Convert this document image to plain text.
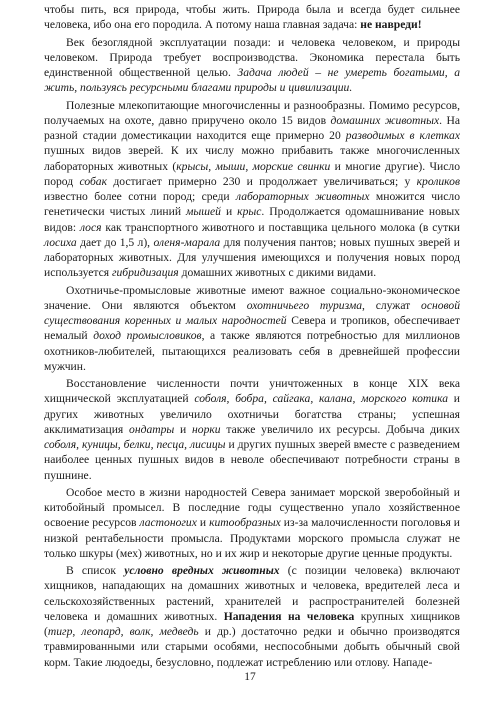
чтобы пить, вся природа, чтобы жить. Природа была и всегда будет сильнее человека, ибо она его породила. А потому наша главная задача: не навреди!

Век безоглядной эксплуатации позади: и человека человеком, и природы человеком. Природа требует воспроизводства. Экономика перестала быть единственной общественной целью. Задача людей – не умереть богатыми, а жить, пользуясь ресурсными благами природы и цивилизации.

Полезные млекопитающие многочисленны и разнообразны. Помимо ресурсов, получаемых на охоте, давно приручено около 15 видов домашних животных. На разной стадии доместикации находится еще примерно 20 разводимых в клетках пушных видов зверей. К их числу можно прибавить также многочисленных лабораторных животных (крысы, мыши, морские свинки и многие другие). Число пород собак достигает примерно 230 и продолжает увеличиваться; у кроликов известно более сотни пород; среди лабораторных животных множится число генетически чистых линий мышей и крыс. Продолжается одомашнивание новых видов: лося как транспортного животного и поставщика цельного молока (в сутки лосиха дает до 1,5 л), оленя-марала для получения пантов; новых пушных зверей и лабораторных животных. Для улучшения имеющихся и получения новых пород используется гибридизация домашних животных с дикими видами.

Охотничье-промысловые животные имеют важное социально-экономическое значение. Они являются объектом охотничьего туризма, служат основой существования коренных и малых народностей Севера и тропиков, обеспечивает немалый доход промысловиков, а также являются потребностью для миллионов охотников-любителей, пытающихся реализовать себя в древнейшей профессии мужчин.

Восстановление численности почти уничтоженных в конце XIX века хищнической эксплуатацией соболя, бобра, сайгака, калана, морского котика и других животных увеличило охотничьи богатства страны; успешная акклиматизация ондатры и норки также увеличило их ресурсы. Добыча диких соболя, куницы, белки, песца, лисицы и других пушных зверей вместе с разведением наиболее ценных пушных видов в неволе обеспечивают потребности страны в пушнине.

Особое место в жизни народностей Севера занимает морской зверобойный и китобойный промысел. В последние годы существенно упало хозяйственное освоение ресурсов ластоногих и китообразных из-за малочисленности поголовья и низкой рентабельности промысла. Продуктами морского промысла служат не только шкуры (мех) животных, но и их жир и некоторые другие ценные продукты.

В список условно вредных животных (с позиции человека) включают хищников, нападающих на домашних животных и человека, вредителей леса и сельскохозяйственных растений, хранителей и распространителей болезней человека и домашних животных. Нападения на человека крупных хищников (тигр, леопард, волк, медведь и др.) достаточно редки и обычно производятся травмированными или старыми особями, неспособными добыть обычный свой корм. Такие людоеды, безусловно, подлежат истреблению или отлову. Нападе-

17
